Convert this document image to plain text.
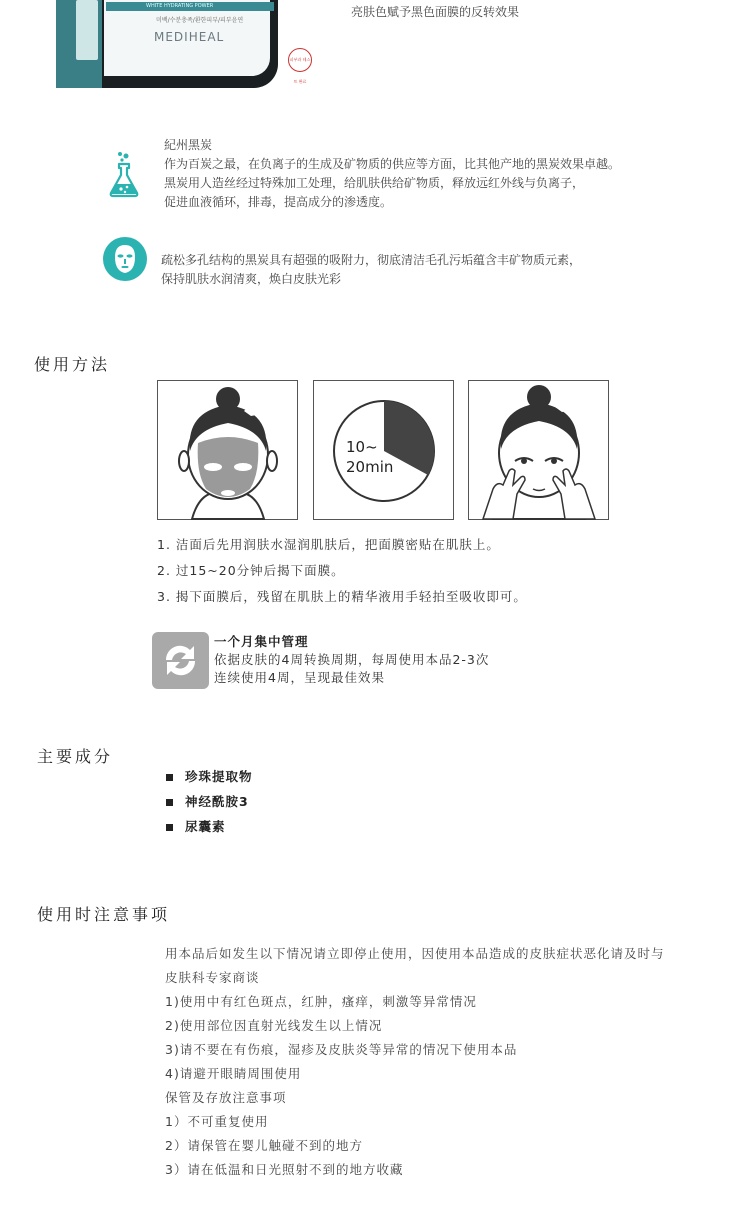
WHITE HYDRATING POWER
미백/수분충족/환한피부/피부윤연
MEDIHEAL
피부과 테스트 완료
亮肤色赋予黑色面膜的反转效果
紀州黑炭
作为百炭之最，在负离子的生成及矿物质的供应等方面，比其他产地的黑炭效果卓越。
黑炭用人造丝经过特殊加工处理，给肌肤供给矿物质，释放远红外线与负离子，
促进血液循环，排毒，提高成分的渗透度。
疏松多孔结构的黑炭具有超强的吸附力，彻底清洁毛孔污垢蕴含丰矿物质元素，
保持肌肤水润清爽，焕白皮肤光彩
使用方法
10~
20min
1. 洁面后先用润肤水湿润肌肤后，把面膜密贴在肌肤上。
2. 过15~20分钟后揭下面膜。
3. 揭下面膜后，残留在肌肤上的精华液用手轻拍至吸收即可。
一个月集中管理
依据皮肤的4周转换周期，每周使用本品2-3次
连续使用4周，呈现最佳效果
主要成分
珍珠提取物
神经酰胺3
尿囊素
使用时注意事项
用本品后如发生以下情况请立即停止使用，因使用本品造成的皮肤症状恶化请及时与
皮肤科专家商谈
1)使用中有红色斑点，红肿，瘙痒，刺激等异常情况
2)使用部位因直射光线发生以上情况
3)请不要在有伤痕，湿疹及皮肤炎等异常的情况下使用本品
4)请避开眼睛周围使用
保管及存放注意事项
1）不可重复使用
2）请保管在婴儿触碰不到的地方
3）请在低温和日光照射不到的地方收藏
